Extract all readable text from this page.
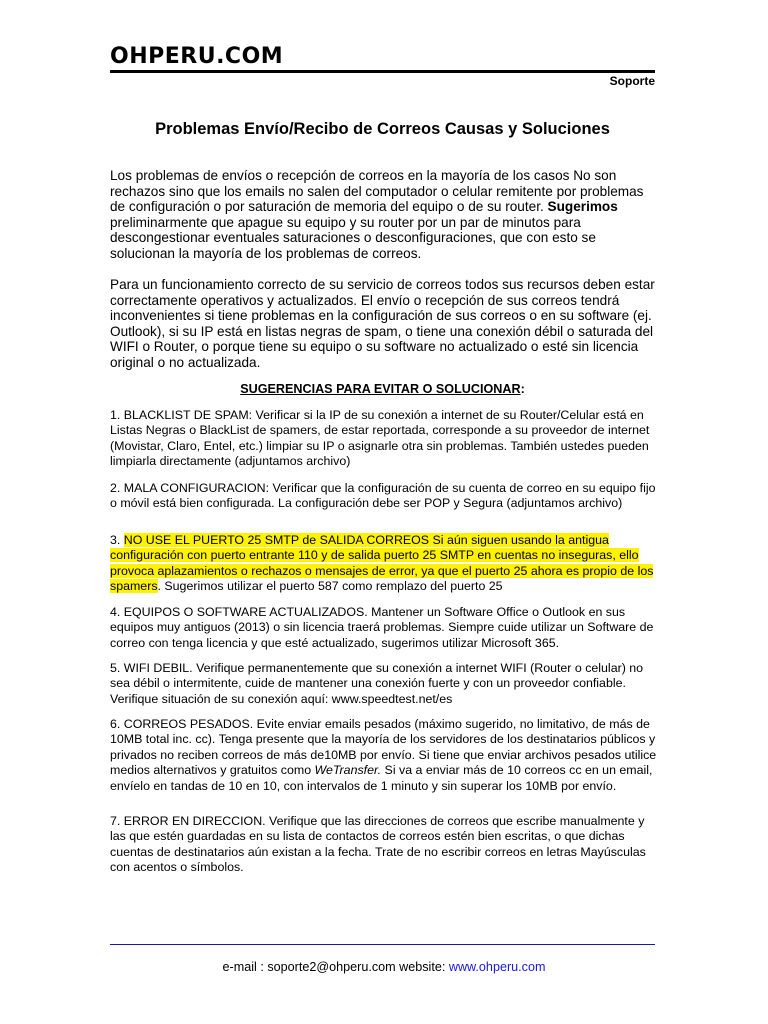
OHPERU.COM
Soporte
Problemas Envío/Recibo de Correos Causas y Soluciones
Los problemas de envíos o recepción de correos en la mayoría de los casos No son rechazos sino que los emails no salen del computador o celular remitente por problemas de configuración o por saturación de memoria del equipo o de su router. Sugerimos preliminarmente que apague su equipo y su router por un par de minutos para descongestionar eventuales saturaciones o desconfiguraciones, que con esto se solucionan la mayoría de los problemas de correos.
Para un funcionamiento correcto de su servicio de correos todos sus recursos deben estar correctamente operativos y actualizados. El envío o recepción de sus correos tendrá inconvenientes si tiene problemas en la configuración de sus correos o en su software (ej. Outlook), si su IP está en listas negras de spam, o tiene una conexión débil o saturada del WIFI o Router, o porque tiene su equipo o su software no actualizado o esté sin licencia original o no actualizada.
SUGERENCIAS PARA EVITAR O SOLUCIONAR:
1. BLACKLIST DE SPAM: Verificar si la IP de su conexión a internet de su Router/Celular está en Listas Negras o BlackList de spamers, de estar reportada, corresponde a su proveedor de internet (Movistar, Claro, Entel, etc.) limpiar su IP o asignarle otra sin problemas. También ustedes pueden limpiarla directamente (adjuntamos archivo)
2. MALA CONFIGURACION: Verificar que la configuración de su cuenta de correo en su equipo fijo o móvil está bien configurada. La configuración debe ser POP y Segura (adjuntamos archivo)
3. NO USE EL PUERTO 25 SMTP de SALIDA CORREOS Si aún siguen usando la antigua configuración con puerto entrante 110 y de salida puerto 25 SMTP en cuentas no inseguras, ello provoca aplazamientos o rechazos o mensajes de error, ya que el puerto 25 ahora es propio de los spamers. Sugerimos utilizar el puerto 587 como remplazo del puerto 25
4. EQUIPOS O SOFTWARE ACTUALIZADOS. Mantener un Software Office o Outlook en sus equipos muy antiguos (2013) o sin licencia traerá problemas. Siempre cuide utilizar un Software de correo con tenga licencia y que esté actualizado, sugerimos utilizar Microsoft 365.
5. WIFI DEBIL. Verifique permanentemente que su conexión a internet WIFI (Router o celular) no sea débil o intermitente, cuide de mantener una conexión fuerte y con un proveedor confiable. Verifique situación de su conexión aquí: www.speedtest.net/es
6. CORREOS PESADOS. Evite enviar emails pesados (máximo sugerido, no limitativo, de más de 10MB total inc. cc). Tenga presente que la mayoría de los servidores de los destinatarios públicos y privados no reciben correos de más de10MB por envío. Si tiene que enviar archivos pesados utilice medios alternativos y gratuitos como WeTransfer. Si va a enviar más de 10 correos cc en un email, envíelo en tandas de 10 en 10, con intervalos de 1 minuto y sin superar los 10MB por envío.
7. ERROR EN DIRECCION. Verifique que las direcciones de correos que escribe manualmente y las que estén guardadas en su lista de contactos de correos estén bien escritas, o que dichas cuentas de destinatarios aún existan a la fecha. Trate de no escribir correos en letras Mayúsculas con acentos o símbolos.
e-mail : soporte2@ohperu.com website: www.ohperu.com
